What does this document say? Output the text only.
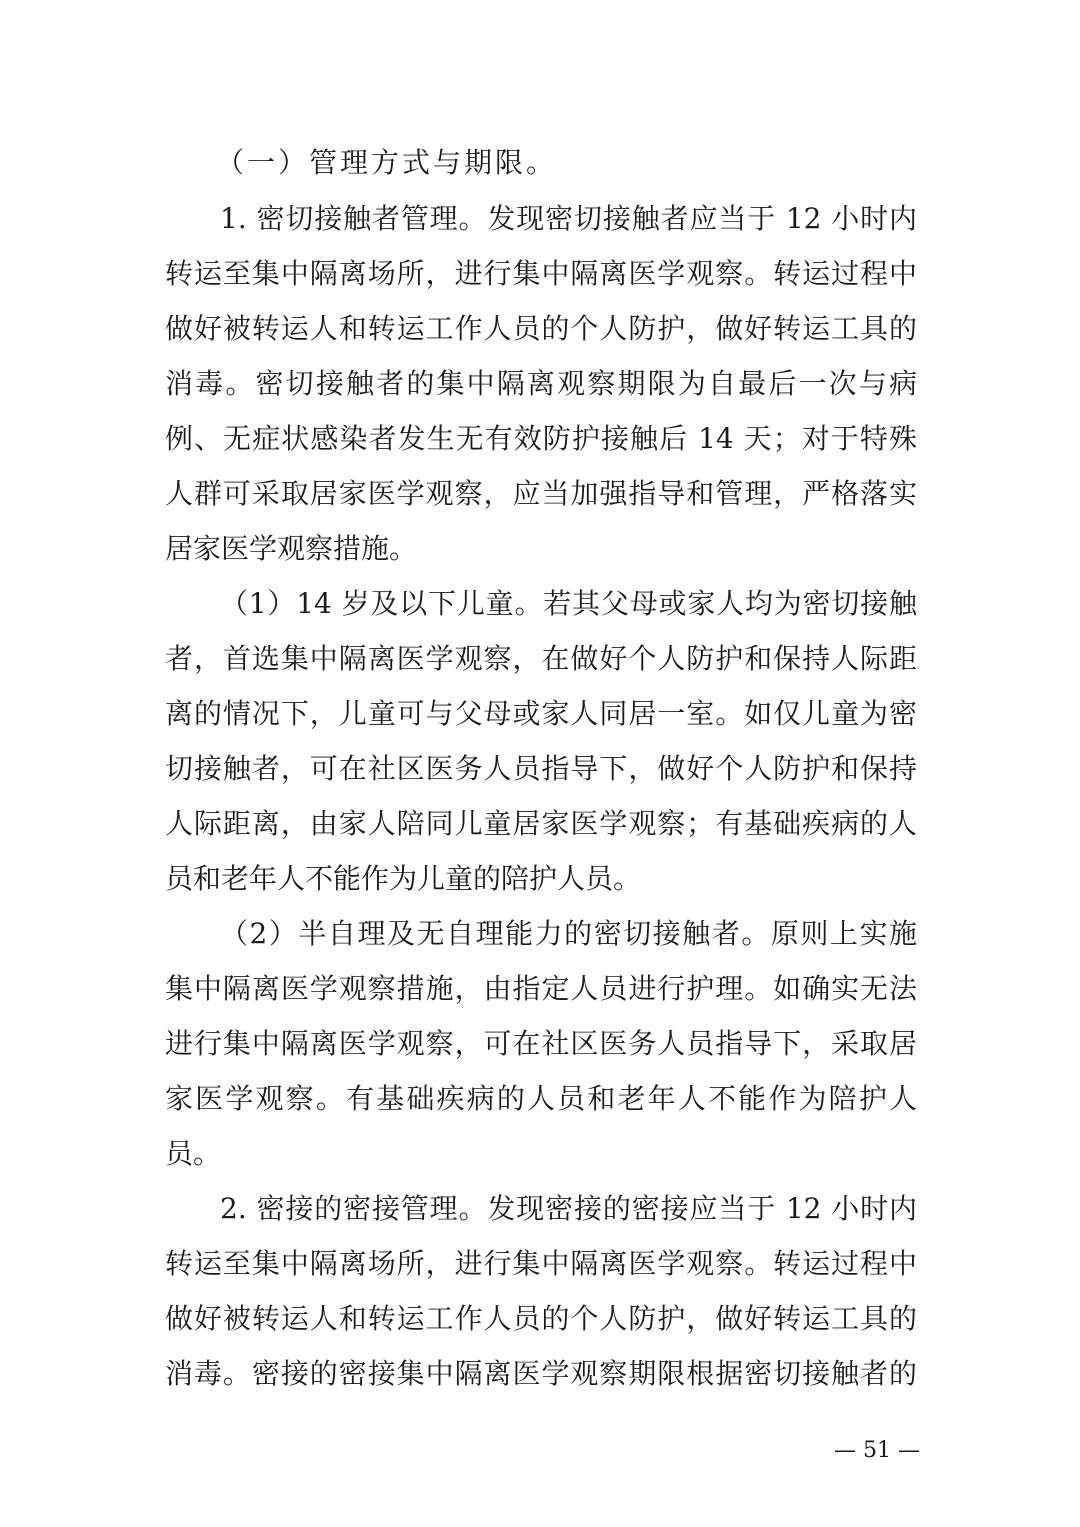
（一）管理方式与期限。
1. 密切接触者管理。发现密切接触者应当于 12 小时内
转运至集中隔离场所，进行集中隔离医学观察。转运过程中
做好被转运人和转运工作人员的个人防护，做好转运工具的
消毒。密切接触者的集中隔离观察期限为自最后一次与病
例、无症状感染者发生无有效防护接触后 14 天；对于特殊
人群可采取居家医学观察，应当加强指导和管理，严格落实
居家医学观察措施。
（1）14 岁及以下儿童。若其父母或家人均为密切接触
者，首选集中隔离医学观察，在做好个人防护和保持人际距
离的情况下，儿童可与父母或家人同居一室。如仅儿童为密
切接触者，可在社区医务人员指导下，做好个人防护和保持
人际距离，由家人陪同儿童居家医学观察；有基础疾病的人
员和老年人不能作为儿童的陪护人员。
（2）半自理及无自理能力的密切接触者。原则上实施
集中隔离医学观察措施，由指定人员进行护理。如确实无法
进行集中隔离医学观察，可在社区医务人员指导下，采取居
家医学观察。有基础疾病的人员和老年人不能作为陪护人
员。
2. 密接的密接管理。发现密接的密接应当于 12 小时内
转运至集中隔离场所，进行集中隔离医学观察。转运过程中
做好被转运人和转运工作人员的个人防护，做好转运工具的
消毒。密接的密接集中隔离医学观察期限根据密切接触者的
— 51 —
